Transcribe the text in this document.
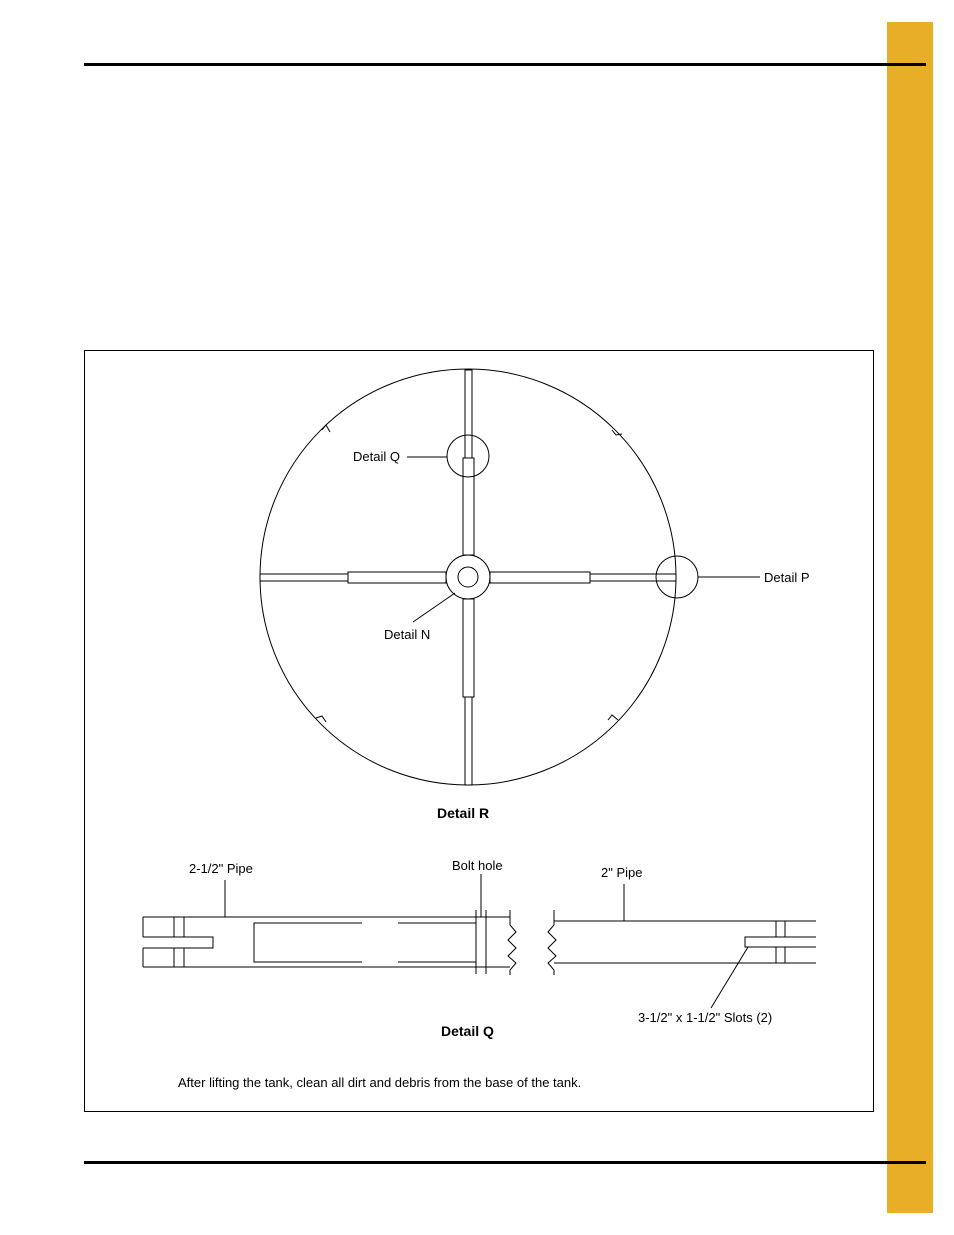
Detail Q
Detail P
Detail N
Detail R
2-1/2" Pipe	Bolt hole	2" Pipe
3-1/2" x 1-1/2" Slots (2)
Detail Q
After lifting the tank, clean all dirt and debris from the base of the tank.
